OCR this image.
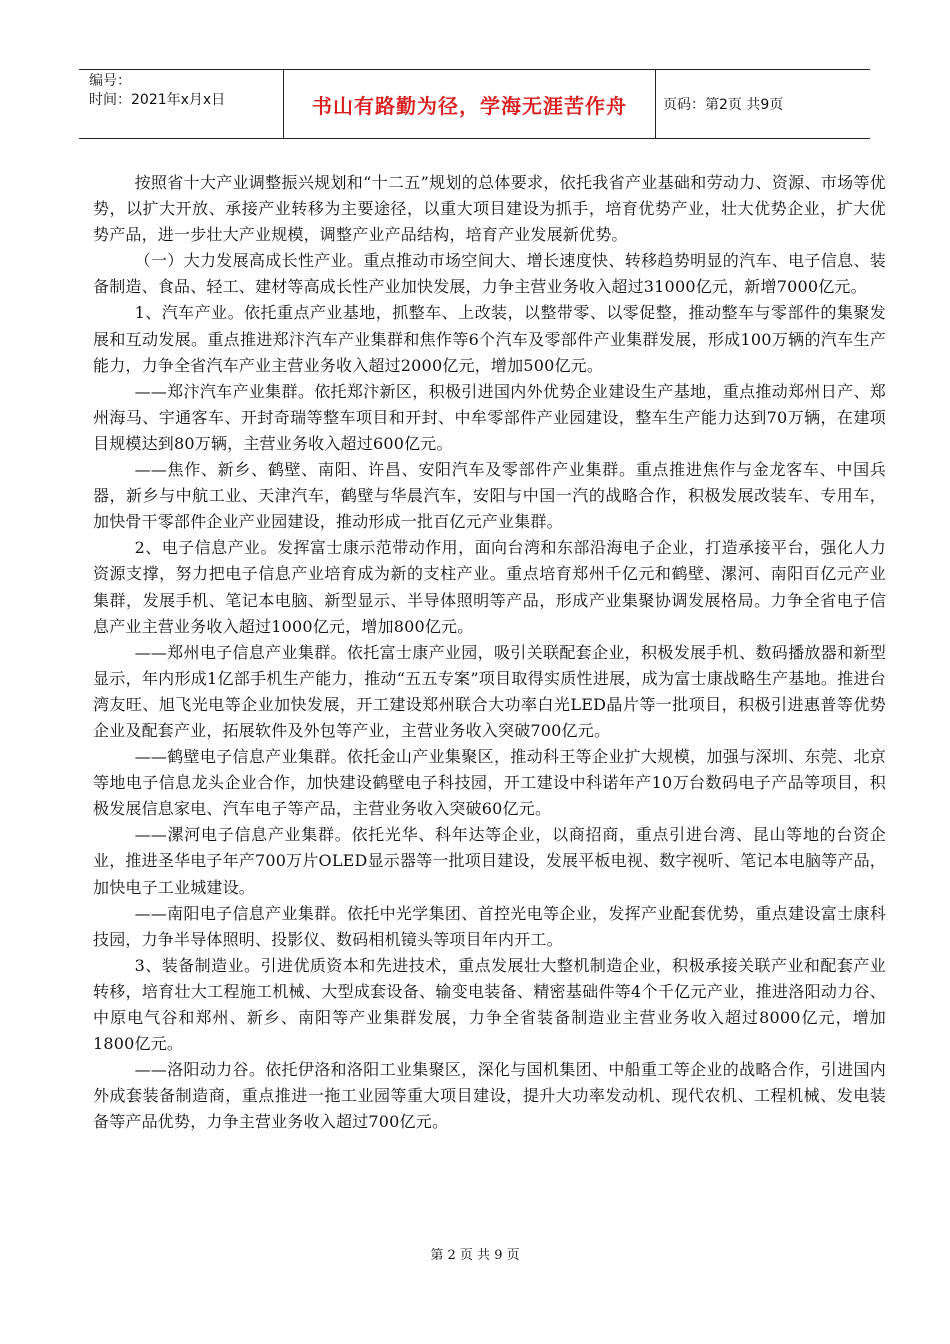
编号：
时间：2021年x月x日	书山有路勤为径，学海无涯苦作舟	页码：第2页 共9页

按照省十大产业调整振兴规划和“十二五”规划的总体要求，依托我省产业基础和劳动力、资源、市场等优势，以扩大开放、承接产业转移为主要途径，以重大项目建设为抓手，培育优势产业，壮大优势企业，扩大优势产品，进一步壮大产业规模，调整产业产品结构，培育产业发展新优势。

（一）大力发展高成长性产业。重点推动市场空间大、增长速度快、转移趋势明显的汽车、电子信息、装备制造、食品、轻工、建材等高成长性产业加快发展，力争主营业务收入超过31000亿元，新增7000亿元。

1、汽车产业。依托重点产业基地，抓整车、上改装，以整带零、以零促整，推动整车与零部件的集聚发展和互动发展。重点推进郑汴汽车产业集群和焦作等6个汽车及零部件产业集群发展，形成100万辆的汽车生产能力，力争全省汽车产业主营业务收入超过2000亿元，增加500亿元。

——郑汴汽车产业集群。依托郑汴新区，积极引进国内外优势企业建设生产基地，重点推动郑州日产、郑州海马、宇通客车、开封奇瑞等整车项目和开封、中牟零部件产业园建设，整车生产能力达到70万辆，在建项目规模达到80万辆，主营业务收入超过600亿元。

——焦作、新乡、鹤壁、南阳、许昌、安阳汽车及零部件产业集群。重点推进焦作与金龙客车、中国兵器，新乡与中航工业、天津汽车，鹤壁与华晨汽车，安阳与中国一汽的战略合作，积极发展改装车、专用车，加快骨干零部件企业产业园建设，推动形成一批百亿元产业集群。

2、电子信息产业。发挥富士康示范带动作用，面向台湾和东部沿海电子企业，打造承接平台，强化人力资源支撑，努力把电子信息产业培育成为新的支柱产业。重点培育郑州千亿元和鹤壁、漯河、南阳百亿元产业集群，发展手机、笔记本电脑、新型显示、半导体照明等产品，形成产业集聚协调发展格局。力争全省电子信息产业主营业务收入超过1000亿元，增加800亿元。

——郑州电子信息产业集群。依托富士康产业园，吸引关联配套企业，积极发展手机、数码播放器和新型显示，年内形成1亿部手机生产能力，推动“五五专案”项目取得实质性进展，成为富士康战略生产基地。推进台湾友旺、旭飞光电等企业加快发展，开工建设郑州联合大功率白光LED晶片等一批项目，积极引进惠普等优势企业及配套产业，拓展软件及外包等产业，主营业务收入突破700亿元。

——鹤壁电子信息产业集群。依托金山产业集聚区，推动科王等企业扩大规模，加强与深圳、东莞、北京等地电子信息龙头企业合作，加快建设鹤壁电子科技园，开工建设中科诺年产10万台数码电子产品等项目，积极发展信息家电、汽车电子等产品，主营业务收入突破60亿元。

——漯河电子信息产业集群。依托光华、科年达等企业，以商招商，重点引进台湾、昆山等地的台资企业，推进圣华电子年产700万片OLED显示器等一批项目建设，发展平板电视、数字视听、笔记本电脑等产品，加快电子工业城建设。

——南阳电子信息产业集群。依托中光学集团、首控光电等企业，发挥产业配套优势，重点建设富士康科技园，力争半导体照明、投影仪、数码相机镜头等项目年内开工。

3、装备制造业。引进优质资本和先进技术，重点发展壮大整机制造企业，积极承接关联产业和配套产业转移，培育壮大工程施工机械、大型成套设备、输变电装备、精密基础件等4个千亿元产业，推进洛阳动力谷、中原电气谷和郑州、新乡、南阳等产业集群发展，力争全省装备制造业主营业务收入超过8000亿元，增加1800亿元。

——洛阳动力谷。依托伊洛和洛阳工业集聚区，深化与国机集团、中船重工等企业的战略合作，引进国内外成套装备制造商，重点推进一拖工业园等重大项目建设，提升大功率发动机、现代农机、工程机械、发电装备等产品优势，力争主营业务收入超过700亿元。

第 2 页 共 9 页
